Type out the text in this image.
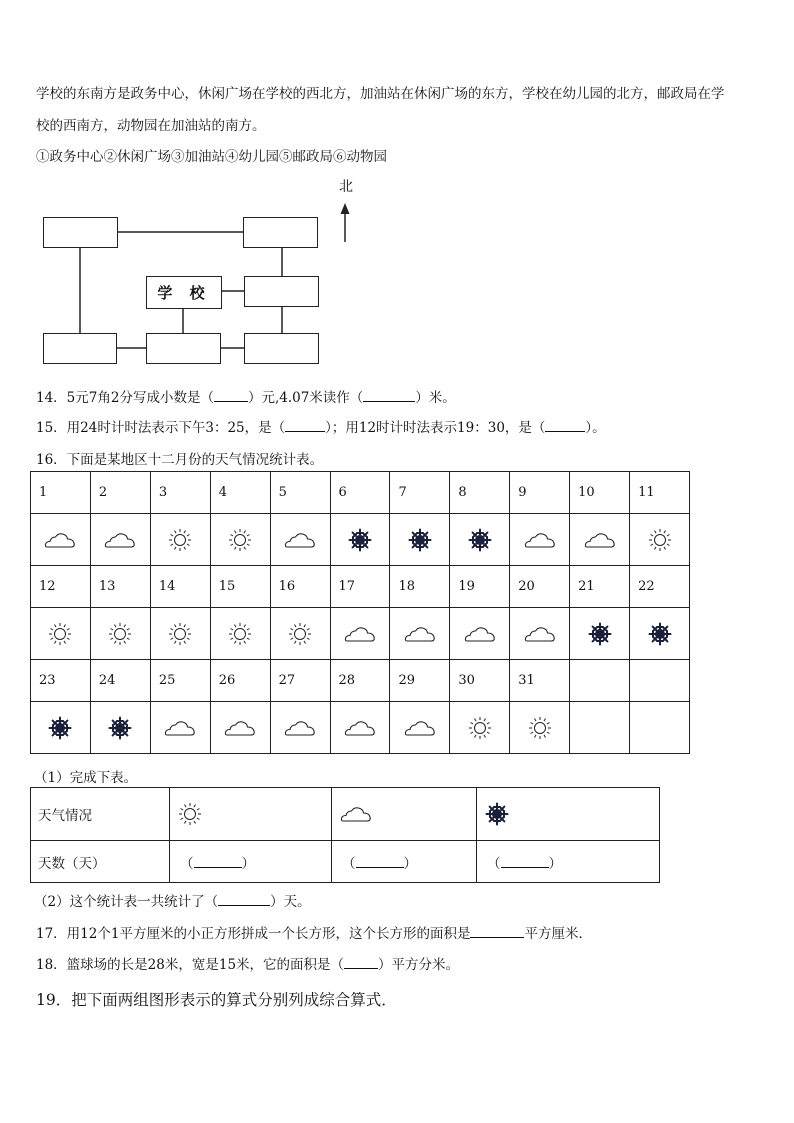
学校的东南方是政务中心，休闲广场在学校的西北方，加油站在休闲广场的东方，学校在幼儿园的北方，邮政局在学
校的西南方，动物园在加油站的南方。
①政务中心②休闲广场③加油站④幼儿园⑤邮政局⑥动物园
北
学 校
14．5元7角2分写成小数是（	）元,4.07米读作（	）米。
15．用24时计时法表示下午3：25，是（	）；用12时计时法表示19：30，是（	）。
16．下面是某地区十二月份的天气情况统计表。
1	2	3	4	5	6	7	8	9	10	11

12	13	14	15	16	17	18	19	20	21	22

23	24	25	26	27	28	29	30	31		

（1）完成下表。
天气情况			
天数（天）	（ ）	（ ）	（ ）
（2）这个统计表一共统计了（	）天。
17．用12个1平方厘米的小正方形拼成一个长方形，这个长方形的面积是	平方厘米．
18．篮球场的长是28米，宽是15米，它的面积是（	）平方分米。
19．把下面两组图形表示的算式分别列成综合算式．
